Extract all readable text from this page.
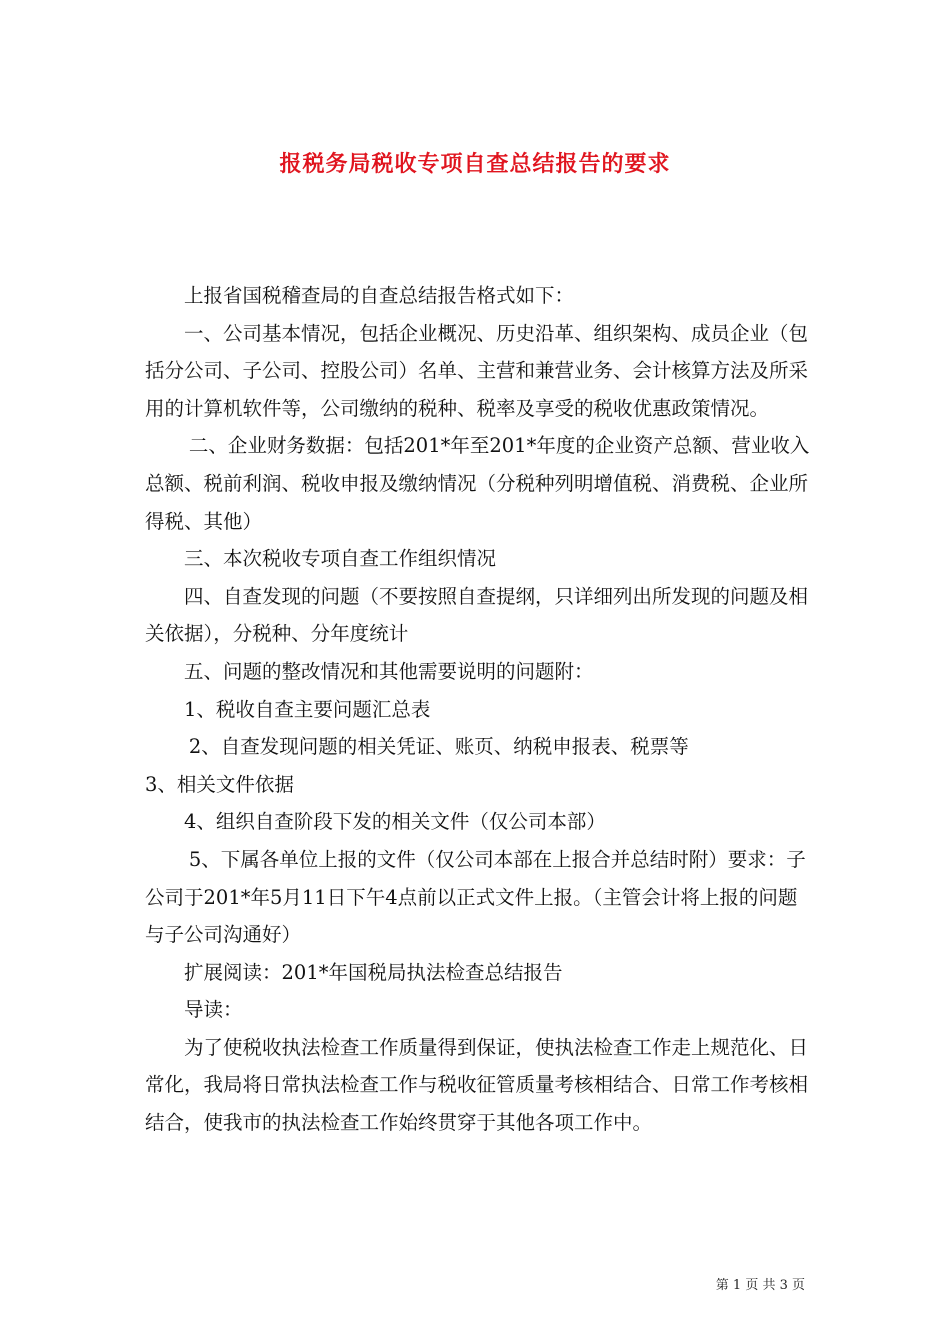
报税务局税收专项自查总结报告的要求

上报省国税稽查局的自查总结报告格式如下：

一、公司基本情况，包括企业概况、历史沿革、组织架构、成员企业（包括分公司、子公司、控股公司）名单、主营和兼营业务、会计核算方法及所采用的计算机软件等，公司缴纳的税种、税率及享受的税收优惠政策情况。

二、企业财务数据：包括201*年至201*年度的企业资产总额、营业收入总额、税前利润、税收申报及缴纳情况（分税种列明增值税、消费税、企业所得税、其他）

三、本次税收专项自查工作组织情况

四、自查发现的问题（不要按照自查提纲，只详细列出所发现的问题及相关依据），分税种、分年度统计

五、问题的整改情况和其他需要说明的问题附：

1、税收自查主要问题汇总表

2、自查发现问题的相关凭证、账页、纳税申报表、税票等

3、相关文件依据

4、组织自查阶段下发的相关文件（仅公司本部）

5、下属各单位上报的文件（仅公司本部在上报合并总结时附）要求：子公司于201*年5月11日下午4点前以正式文件上报。（主管会计将上报的问题与子公司沟通好）

扩展阅读：201*年国税局执法检查总结报告

导读：

为了使税收执法检查工作质量得到保证，使执法检查工作走上规范化、日常化，我局将日常执法检查工作与税收征管质量考核相结合、日常工作考核相结合，使我市的执法检查工作始终贯穿于其他各项工作中。

第 1 页 共 3 页
